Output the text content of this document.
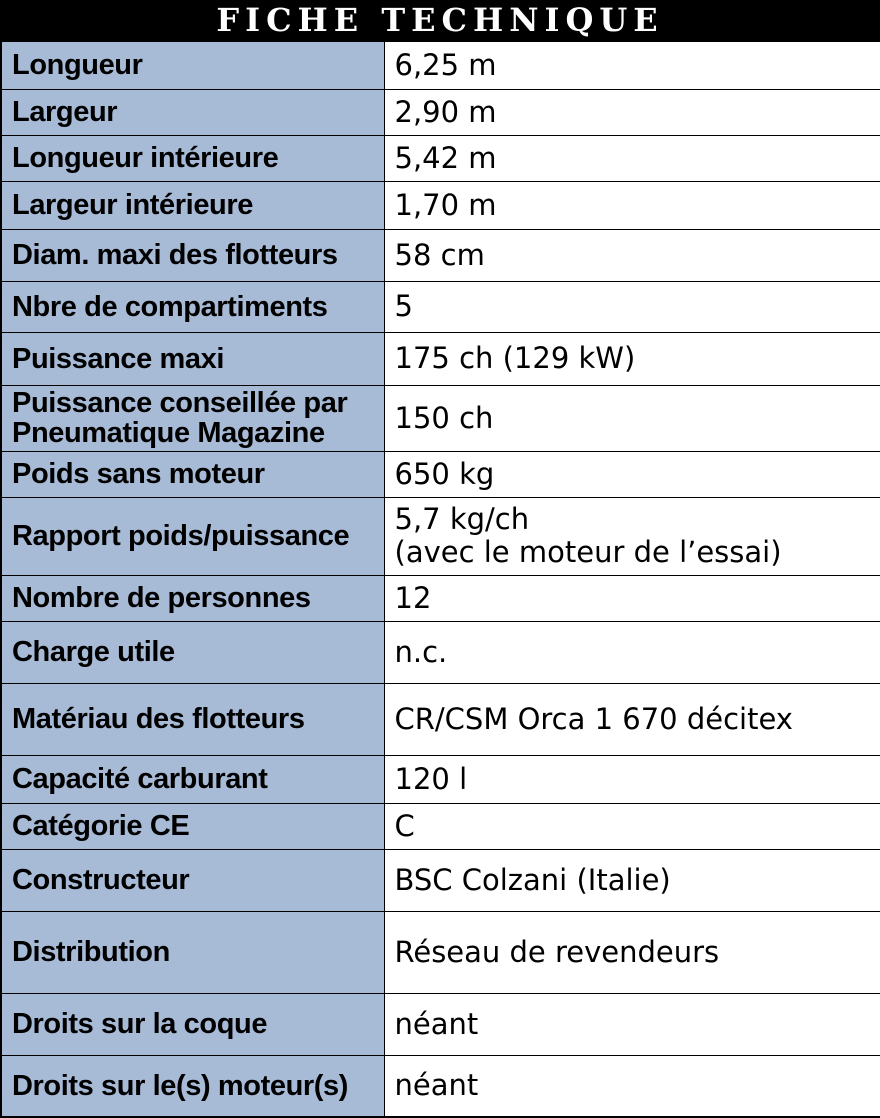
FICHE TECHNIQUE
Longueur	6,25 m
Largeur	2,90 m
Longueur intérieure	5,42 m
Largeur intérieure	1,70 m
Diam. maxi des flotteurs	58 cm
Nbre de compartiments	5
Puissance maxi	175 ch (129 kW)
Puissance conseillée par Pneumatique Magazine	150 ch
Poids sans moteur	650 kg
Rapport poids/puissance	5,7 kg/ch
(avec le moteur de l’essai)

Nombre de personnes	12
Charge utile	n.c.
Matériau des flotteurs	CR/CSM Orca 1 670 décitex
Capacité carburant	120 l
Catégorie CE	C
Constructeur	BSC Colzani (Italie)
Distribution	Réseau de revendeurs
Droits sur la coque	néant
Droits sur le(s) moteur(s)	néant
